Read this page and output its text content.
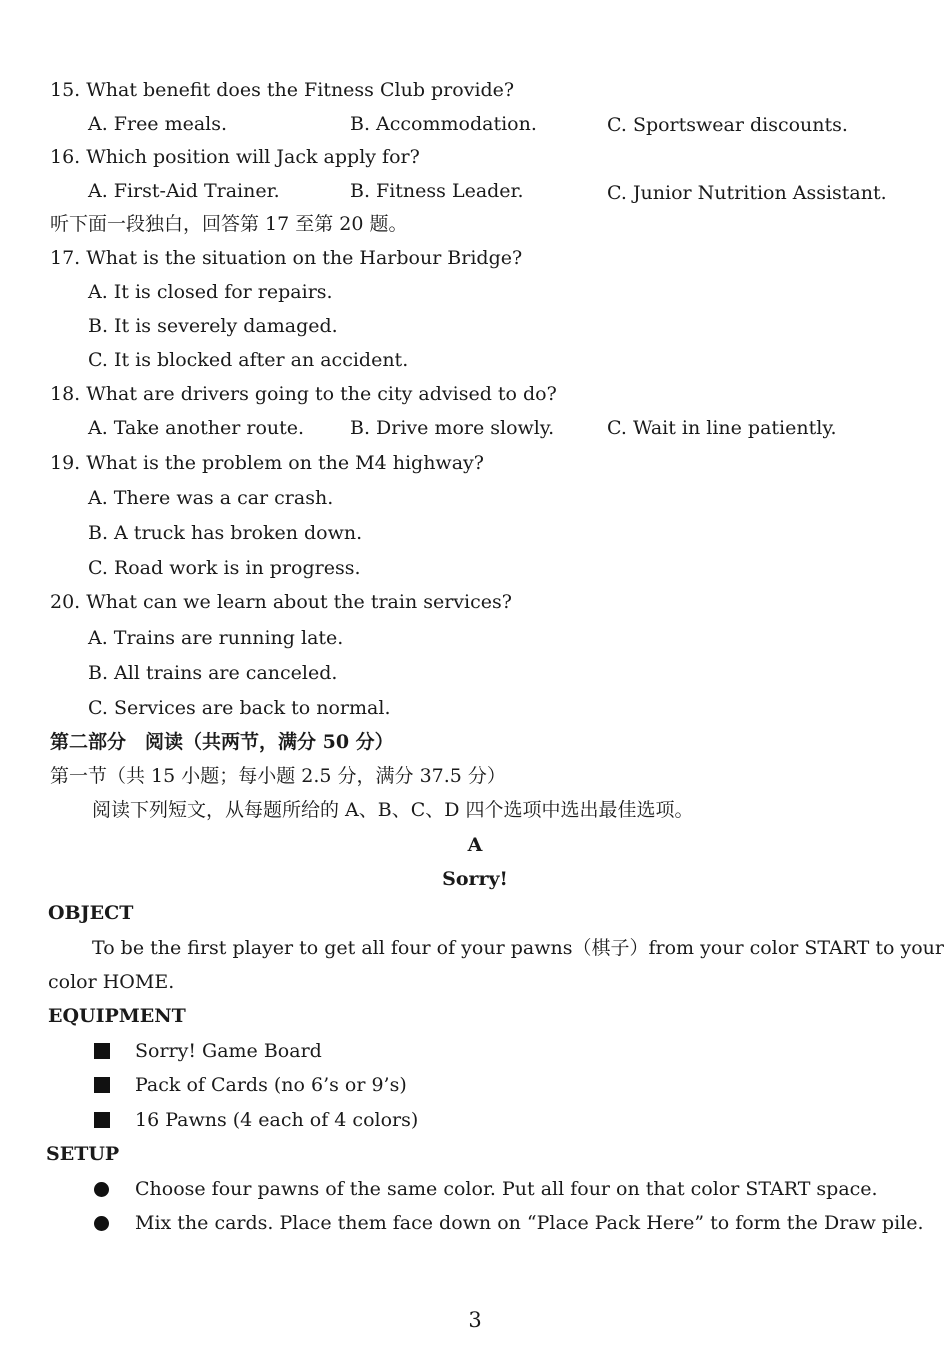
15. What benefit does the Fitness Club provide?
A. Free meals.	B. Accommodation.	C. Sportswear discounts.
16. Which position will Jack apply for?
A. First-Aid Trainer.	B. Fitness Leader.	C. Junior Nutrition Assistant.
听下面一段独白，回答第 17 至第 20 题。
17. What is the situation on the Harbour Bridge?
A. It is closed for repairs.
B. It is severely damaged.
C. It is blocked after an accident.
18. What are drivers going to the city advised to do?
A. Take another route. B. Drive more slowly.	C. Wait in line patiently.
19. What is the problem on the M4 highway?
A. There was a car crash.
B. A truck has broken down.
C. Road work is in progress.
20. What can we learn about the train services?
A. Trains are running late.
B. All trains are canceled.
C. Services are back to normal.
第二部分　阅读（共两节，满分 50 分）
第一节（共 15 小题；每小题 2.5 分，满分 37.5 分）
阅读下列短文，从每题所给的 A、B、C、D 四个选项中选出最佳选项。
A
Sorry!
OBJECT
To be the first player to get all four of your pawns（棋子）from your color START to your
color HOME.
EQUIPMENT
Sorry! Game Board
Pack of Cards (no 6’s or 9’s)
16 Pawns (4 each of 4 colors)
SETUP
Choose four pawns of the same color. Put all four on that color START space.
Mix the cards. Place them face down on “Place Pack Here” to form the Draw pile.
3
